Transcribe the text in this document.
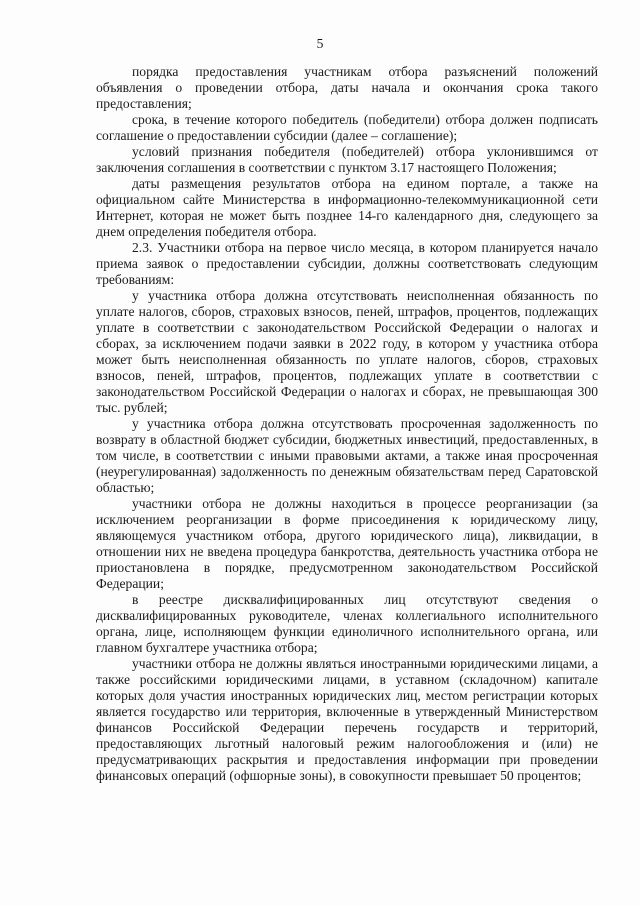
5

порядка предоставления участникам отбора разъяснений положений объявления о проведении отбора, даты начала и окончания срока такого предоставления;

срока, в течение которого победитель (победители) отбора должен подписать соглашение о предоставлении субсидии (далее – соглашение);

условий признания победителя (победителей) отбора уклонившимся от заключения соглашения в соответствии с пунктом 3.17 настоящего Положения;

даты размещения результатов отбора на едином портале, а также на официальном сайте Министерства в информационно-телекоммуникационной сети Интернет, которая не может быть позднее 14-го календарного дня, следующего за днем определения победителя отбора.

2.3. Участники отбора на первое число месяца, в котором планируется начало приема заявок о предоставлении субсидии, должны соответствовать следующим требованиям:

у участника отбора должна отсутствовать неисполненная обязанность по уплате налогов, сборов, страховых взносов, пеней, штрафов, процентов, подлежащих уплате в соответствии с законодательством Российской Федерации о налогах и сборах, за исключением подачи заявки в 2022 году, в котором у участника отбора может быть неисполненная обязанность по уплате налогов, сборов, страховых взносов, пеней, штрафов, процентов, подлежащих уплате в соответствии с законодательством Российской Федерации о налогах и сборах, не превышающая 300 тыс. рублей;

у участника отбора должна отсутствовать просроченная задолженность по возврату в областной бюджет субсидии, бюджетных инвестиций, предоставленных, в том числе, в соответствии с иными правовыми актами, а также иная просроченная (неурегулированная) задолженность по денежным обязательствам перед Саратовской областью;

участники отбора не должны находиться в процессе реорганизации (за исключением реорганизации в форме присоединения к юридическому лицу, являющемуся участником отбора, другого юридического лица), ликвидации, в отношении них не введена процедура банкротства, деятельность участника отбора не приостановлена в порядке, предусмотренном законодательством Российской Федерации;

в реестре дисквалифицированных лиц отсутствуют сведения о дисквалифицированных руководителе, членах коллегиального исполнительного органа, лице, исполняющем функции единоличного исполнительного органа, или главном бухгалтере участника отбора;

участники отбора не должны являться иностранными юридическими лицами, а также российскими юридическими лицами, в уставном (складочном) капитале которых доля участия иностранных юридических лиц, местом регистрации которых является государство или территория, включенные в утвержденный Министерством финансов Российской Федерации перечень государств и территорий, предоставляющих льготный налоговый режим налогообложения и (или) не предусматривающих раскрытия и предоставления информации при проведении финансовых операций (офшорные зоны), в совокупности превышает 50 процентов;
